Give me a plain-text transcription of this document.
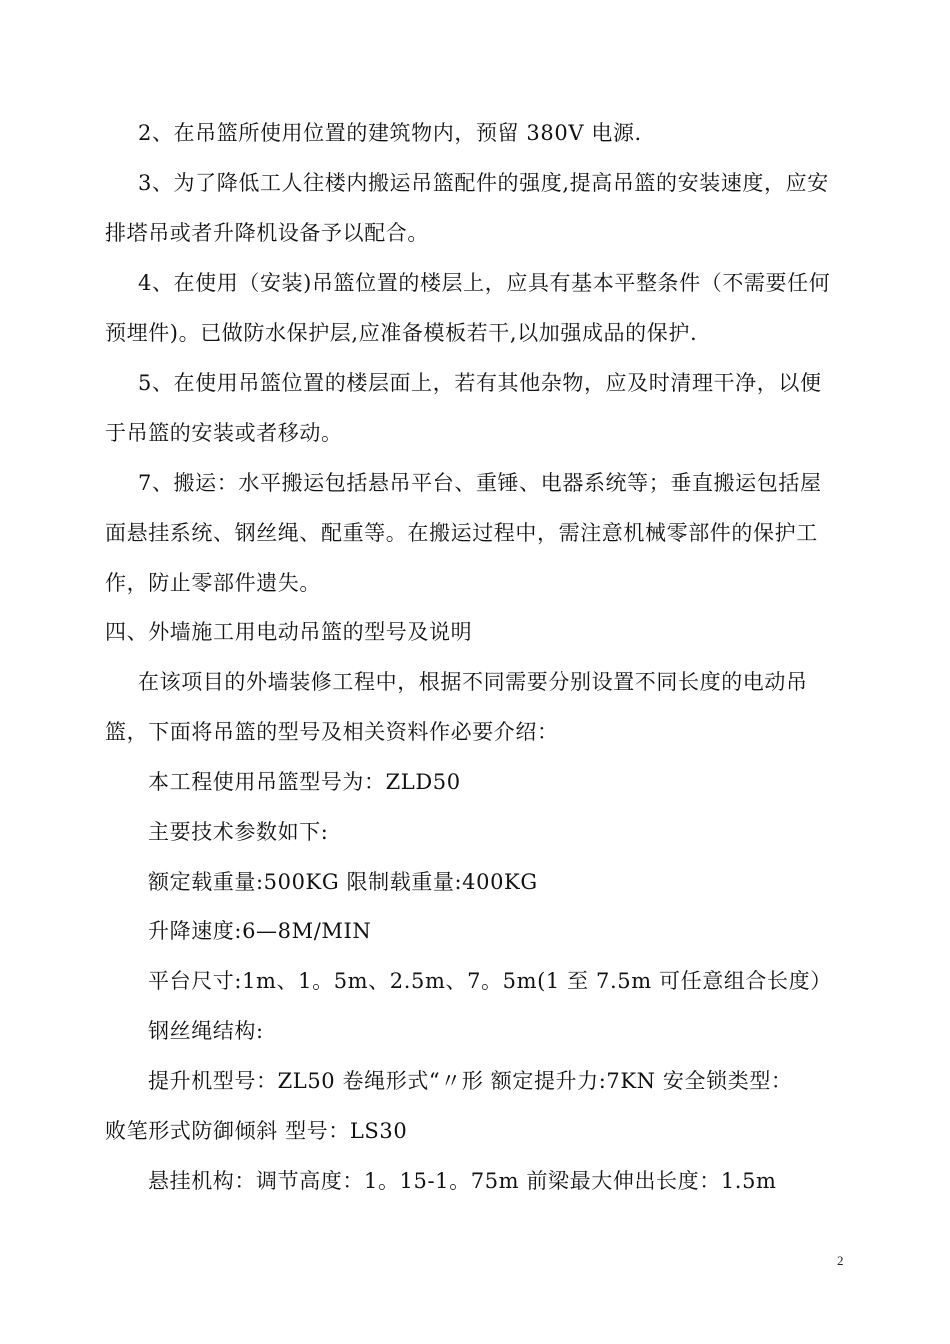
2、在吊篮所使用位置的建筑物内，预留 380V 电源.
3、为了降低工人往楼内搬运吊篮配件的强度,提高吊篮的安装速度，应安
排塔吊或者升降机设备予以配合。
4、在使用（安装)吊篮位置的楼层上，应具有基本平整条件（不需要任何
预埋件)。已做防水保护层,应准备模板若干,以加强成品的保护.
5、在使用吊篮位置的楼层面上，若有其他杂物，应及时清理干净，以便
于吊篮的安装或者移动。
7、搬运：水平搬运包括悬吊平台、重锤、电器系统等；垂直搬运包括屋
面悬挂系统、钢丝绳、配重等。在搬运过程中，需注意机械零部件的保护工
作，防止零部件遗失。
四、外墙施工用电动吊篮的型号及说明
在该项目的外墙装修工程中，根据不同需要分别设置不同长度的电动吊
篮，下面将吊篮的型号及相关资料作必要介绍：
本工程使用吊篮型号为：ZLD50
主要技术参数如下:
额定载重量:500KG 限制载重量:400KG
升降速度:6—8M/MIN
平台尺寸:1m、1。5m、2.5m、7。5m(1 至 7.5m 可任意组合长度）
钢丝绳结构:
提升机型号：ZL50 卷绳形式“〃形 额定提升力:7KN 安全锁类型：
败笔形式防御倾斜 型号：LS30
悬挂机构：调节高度：1。15-1。75m 前梁最大伸出长度：1.5m
2
